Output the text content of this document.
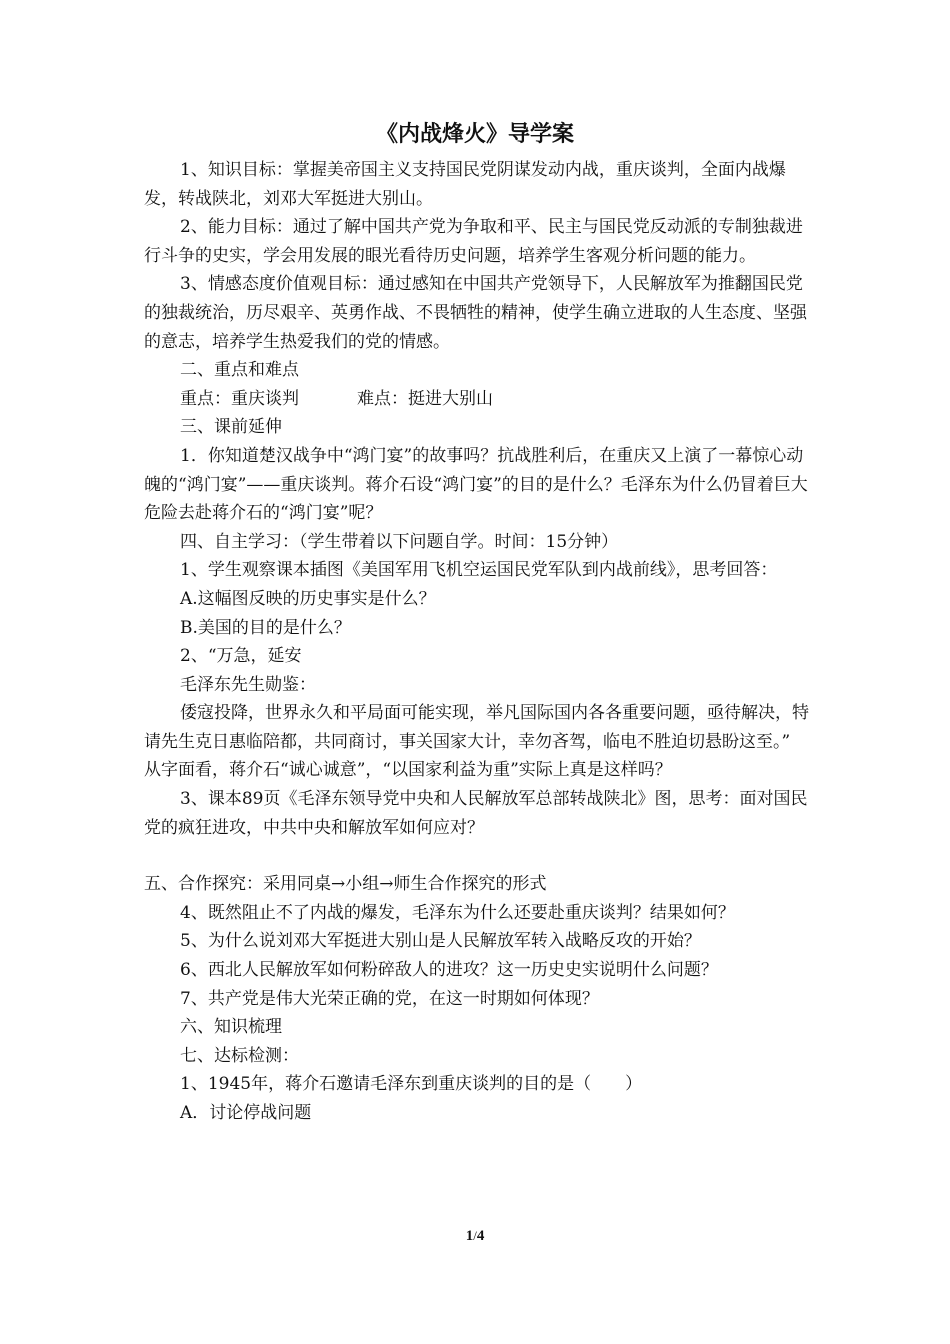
《内战烽火》导学案

1、知识目标：掌握美帝国主义支持国民党阴谋发动内战，重庆谈判，全面内战爆发，转战陕北，刘邓大军挺进大别山。

2、能力目标：通过了解中国共产党为争取和平、民主与国民党反动派的专制独裁进行斗争的史实，学会用发展的眼光看待历史问题，培养学生客观分析问题的能力。

3、情感态度价值观目标：通过感知在中国共产党领导下，人民解放军为推翻国民党的独裁统治，历尽艰辛、英勇作战、不畏牺牲的精神，使学生确立进取的人生态度、坚强的意志，培养学生热爱我们的党的情感。

二、重点和难点

重点：重庆谈判	难点：挺进大别山

三、课前延伸

1．你知道楚汉战争中“鸿门宴”的故事吗？抗战胜利后，在重庆又上演了一幕惊心动魄的“鸿门宴”——重庆谈判。蒋介石设“鸿门宴”的目的是什么？毛泽东为什么仍冒着巨大危险去赴蒋介石的“鸿门宴”呢？

四、自主学习：（学生带着以下问题自学。时间：15分钟）

1、学生观察课本插图《美国军用飞机空运国民党军队到内战前线》，思考回答：

A.这幅图反映的历史事实是什么？

B.美国的目的是什么？

2、“万急，延安

毛泽东先生勋鉴：

倭寇投降，世界永久和平局面可能实现，举凡国际国内各各重要问题，亟待解决，特请先生克日惠临陪都，共同商讨，事关国家大计，幸勿吝驾，临电不胜迫切悬盼这至。”

从字面看，蒋介石“诚心诚意”，“以国家利益为重”实际上真是这样吗？

3、课本89页《毛泽东领导党中央和人民解放军总部转战陕北》图，思考：面对国民党的疯狂进攻，中共中央和解放军如何应对？

五、合作探究：采用同桌→小组→师生合作探究的形式

4、既然阻止不了内战的爆发，毛泽东为什么还要赴重庆谈判？结果如何？

5、为什么说刘邓大军挺进大别山是人民解放军转入战略反攻的开始？

6、西北人民解放军如何粉碎敌人的进攻？这一历史史实说明什么问题？

7、共产党是伟大光荣正确的党，在这一时期如何体现？

六、知识梳理

七、达标检测：

1、1945年，蒋介石邀请毛泽东到重庆谈判的目的是（　　）

A．讨论停战问题

1/4
